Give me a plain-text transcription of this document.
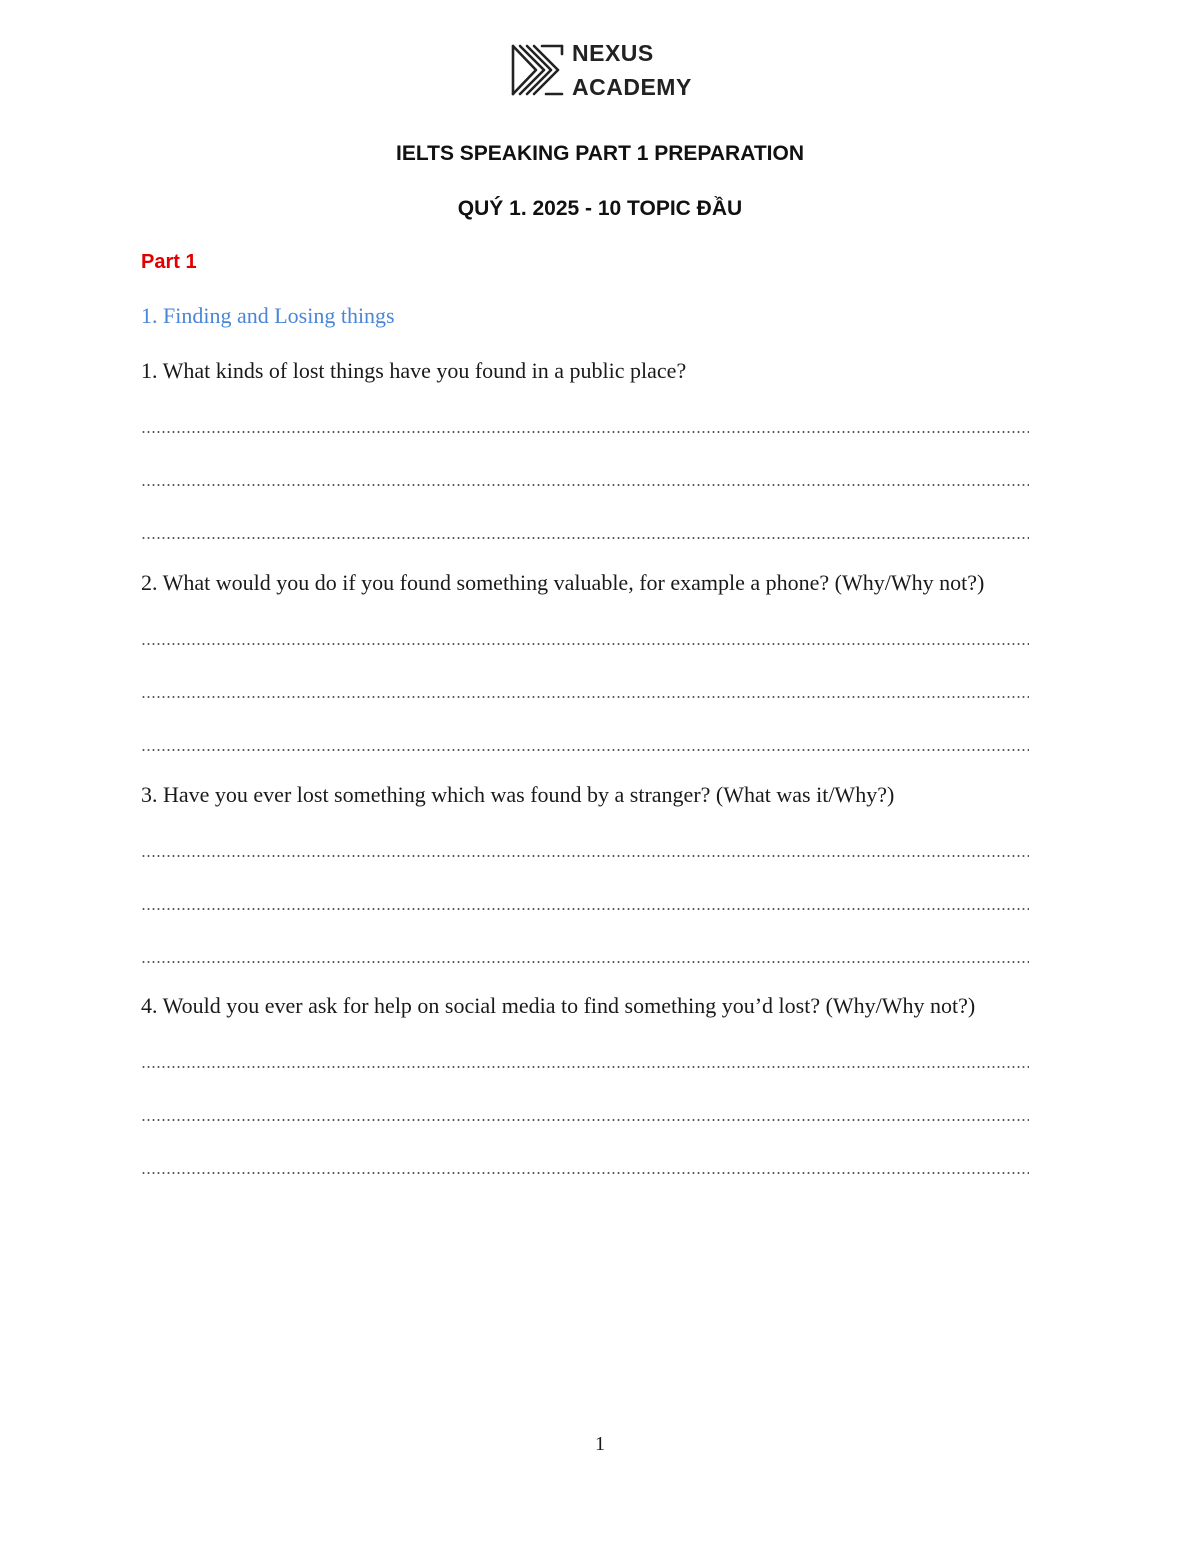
NEXUS
ACADEMY
IELTS SPEAKING PART 1 PREPARATION
QUÝ 1. 2025 - 10 TOPIC ĐẦU
Part 1
1. Finding and Losing things
1. What kinds of lost things have you found in a public place?
2. What would you do if you found something valuable, for example a phone? (Why/Why not?)
3. Have you ever lost something which was found by a stranger? (What was it/Why?)
4. Would you ever ask for help on social media to find something you’d lost? (Why/Why not?)
1
